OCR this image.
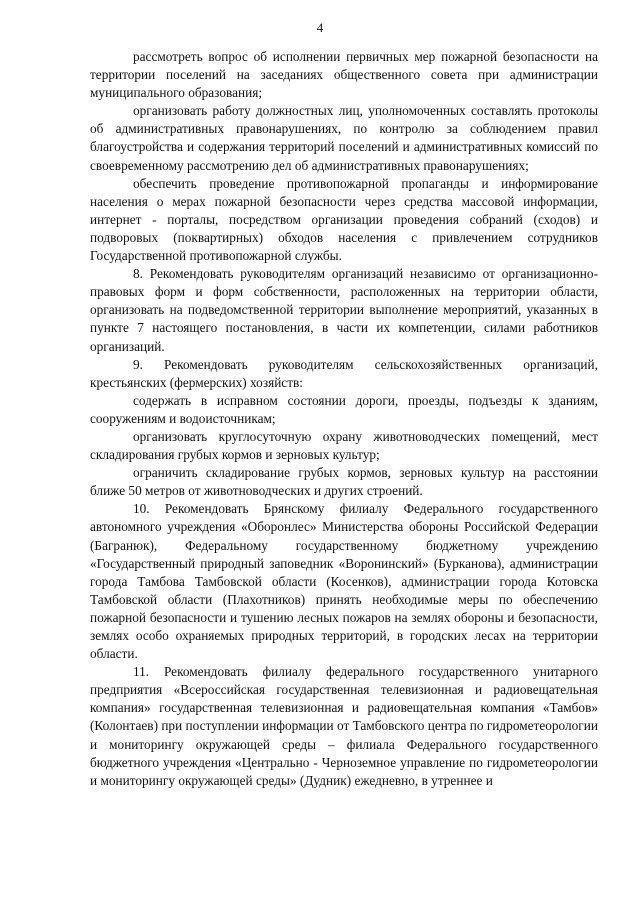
4

рассмотреть вопрос об исполнении первичных мер пожарной безопасности на территории поселений на заседаниях общественного совета при администрации муниципального образования;

организовать работу должностных лиц, уполномоченных составлять протоколы об административных правонарушениях, по контролю за соблюдением правил благоустройства и содержания территорий поселений и административных комиссий по своевременному рассмотрению дел об административных правонарушениях;

обеспечить проведение противопожарной пропаганды и информирование населения о мерах пожарной безопасности через средства массовой информации, интернет - порталы, посредством организации проведения собраний (сходов) и подворовых (поквартирных) обходов населения с привлечением сотрудников Государственной противопожарной службы.

8. Рекомендовать руководителям организаций независимо от организационно-правовых форм и форм собственности, расположенных на территории области, организовать на подведомственной территории выполнение мероприятий, указанных в пункте 7 настоящего постановления, в части их компетенции, силами работников организаций.

9. Рекомендовать руководителям сельскохозяйственных организаций, крестьянских (фермерских) хозяйств:

содержать в исправном состоянии дороги, проезды, подъезды к зданиям, сооружениям и водоисточникам;

организовать круглосуточную охрану животноводческих помещений, мест складирования грубых кормов и зерновых культур;

ограничить складирование грубых кормов, зерновых культур на расстоянии ближе 50 метров от животноводческих и других строений.

10. Рекомендовать Брянскому филиалу Федерального государственного автономного учреждения «Оборонлес» Министерства обороны Российской Федерации (Багранюк), Федеральному государственному бюджетному учреждению «Государственный природный заповедник «Воронинский» (Бурканова), администрации города Тамбова Тамбовской области (Косенков), администрации города Котовска Тамбовской области (Плахотников) принять необходимые меры по обеспечению пожарной безопасности и тушению лесных пожаров на землях обороны и безопасности, землях особо охраняемых природных территорий, в городских лесах на территории области.

11. Рекомендовать филиалу федерального государственного унитарного предприятия «Всероссийская государственная телевизионная и радиовещательная компания» государственная телевизионная и радиовещательная компания «Тамбов» (Колонтаев) при поступлении информации от Тамбовского центра по гидрометеорологии и мониторингу окружающей среды – филиала Федерального государственного бюджетного учреждения «Центрально - Черноземное управление по гидрометеорологии и мониторингу окружающей среды» (Дудник) ежедневно, в утреннее и
